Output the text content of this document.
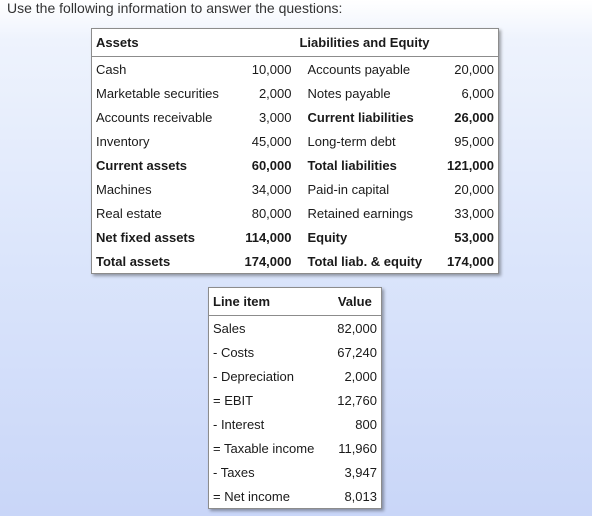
Use the following information to answer the questions:
Assets		Liabilities and Equity		
Cash	10,000		Accounts payable	20,000
Marketable securities	2,000		Notes payable	6,000
Accounts receivable	3,000		Current liabilities	26,000
Inventory	45,000		Long-term debt	95,000
Current assets	60,000		Total liabilities	121,000
Machines	34,000		Paid-in capital	20,000
Real estate	80,000		Retained earnings	33,000
Net fixed assets	114,000		Equity	53,000
Total assets	174,000		Total liab. & equity	174,000
Line item	Value
Sales	82,000
- Costs	67,240
- Depreciation	2,000
= EBIT	12,760
- Interest	800
= Taxable income	11,960
- Taxes	3,947
= Net income	8,013
